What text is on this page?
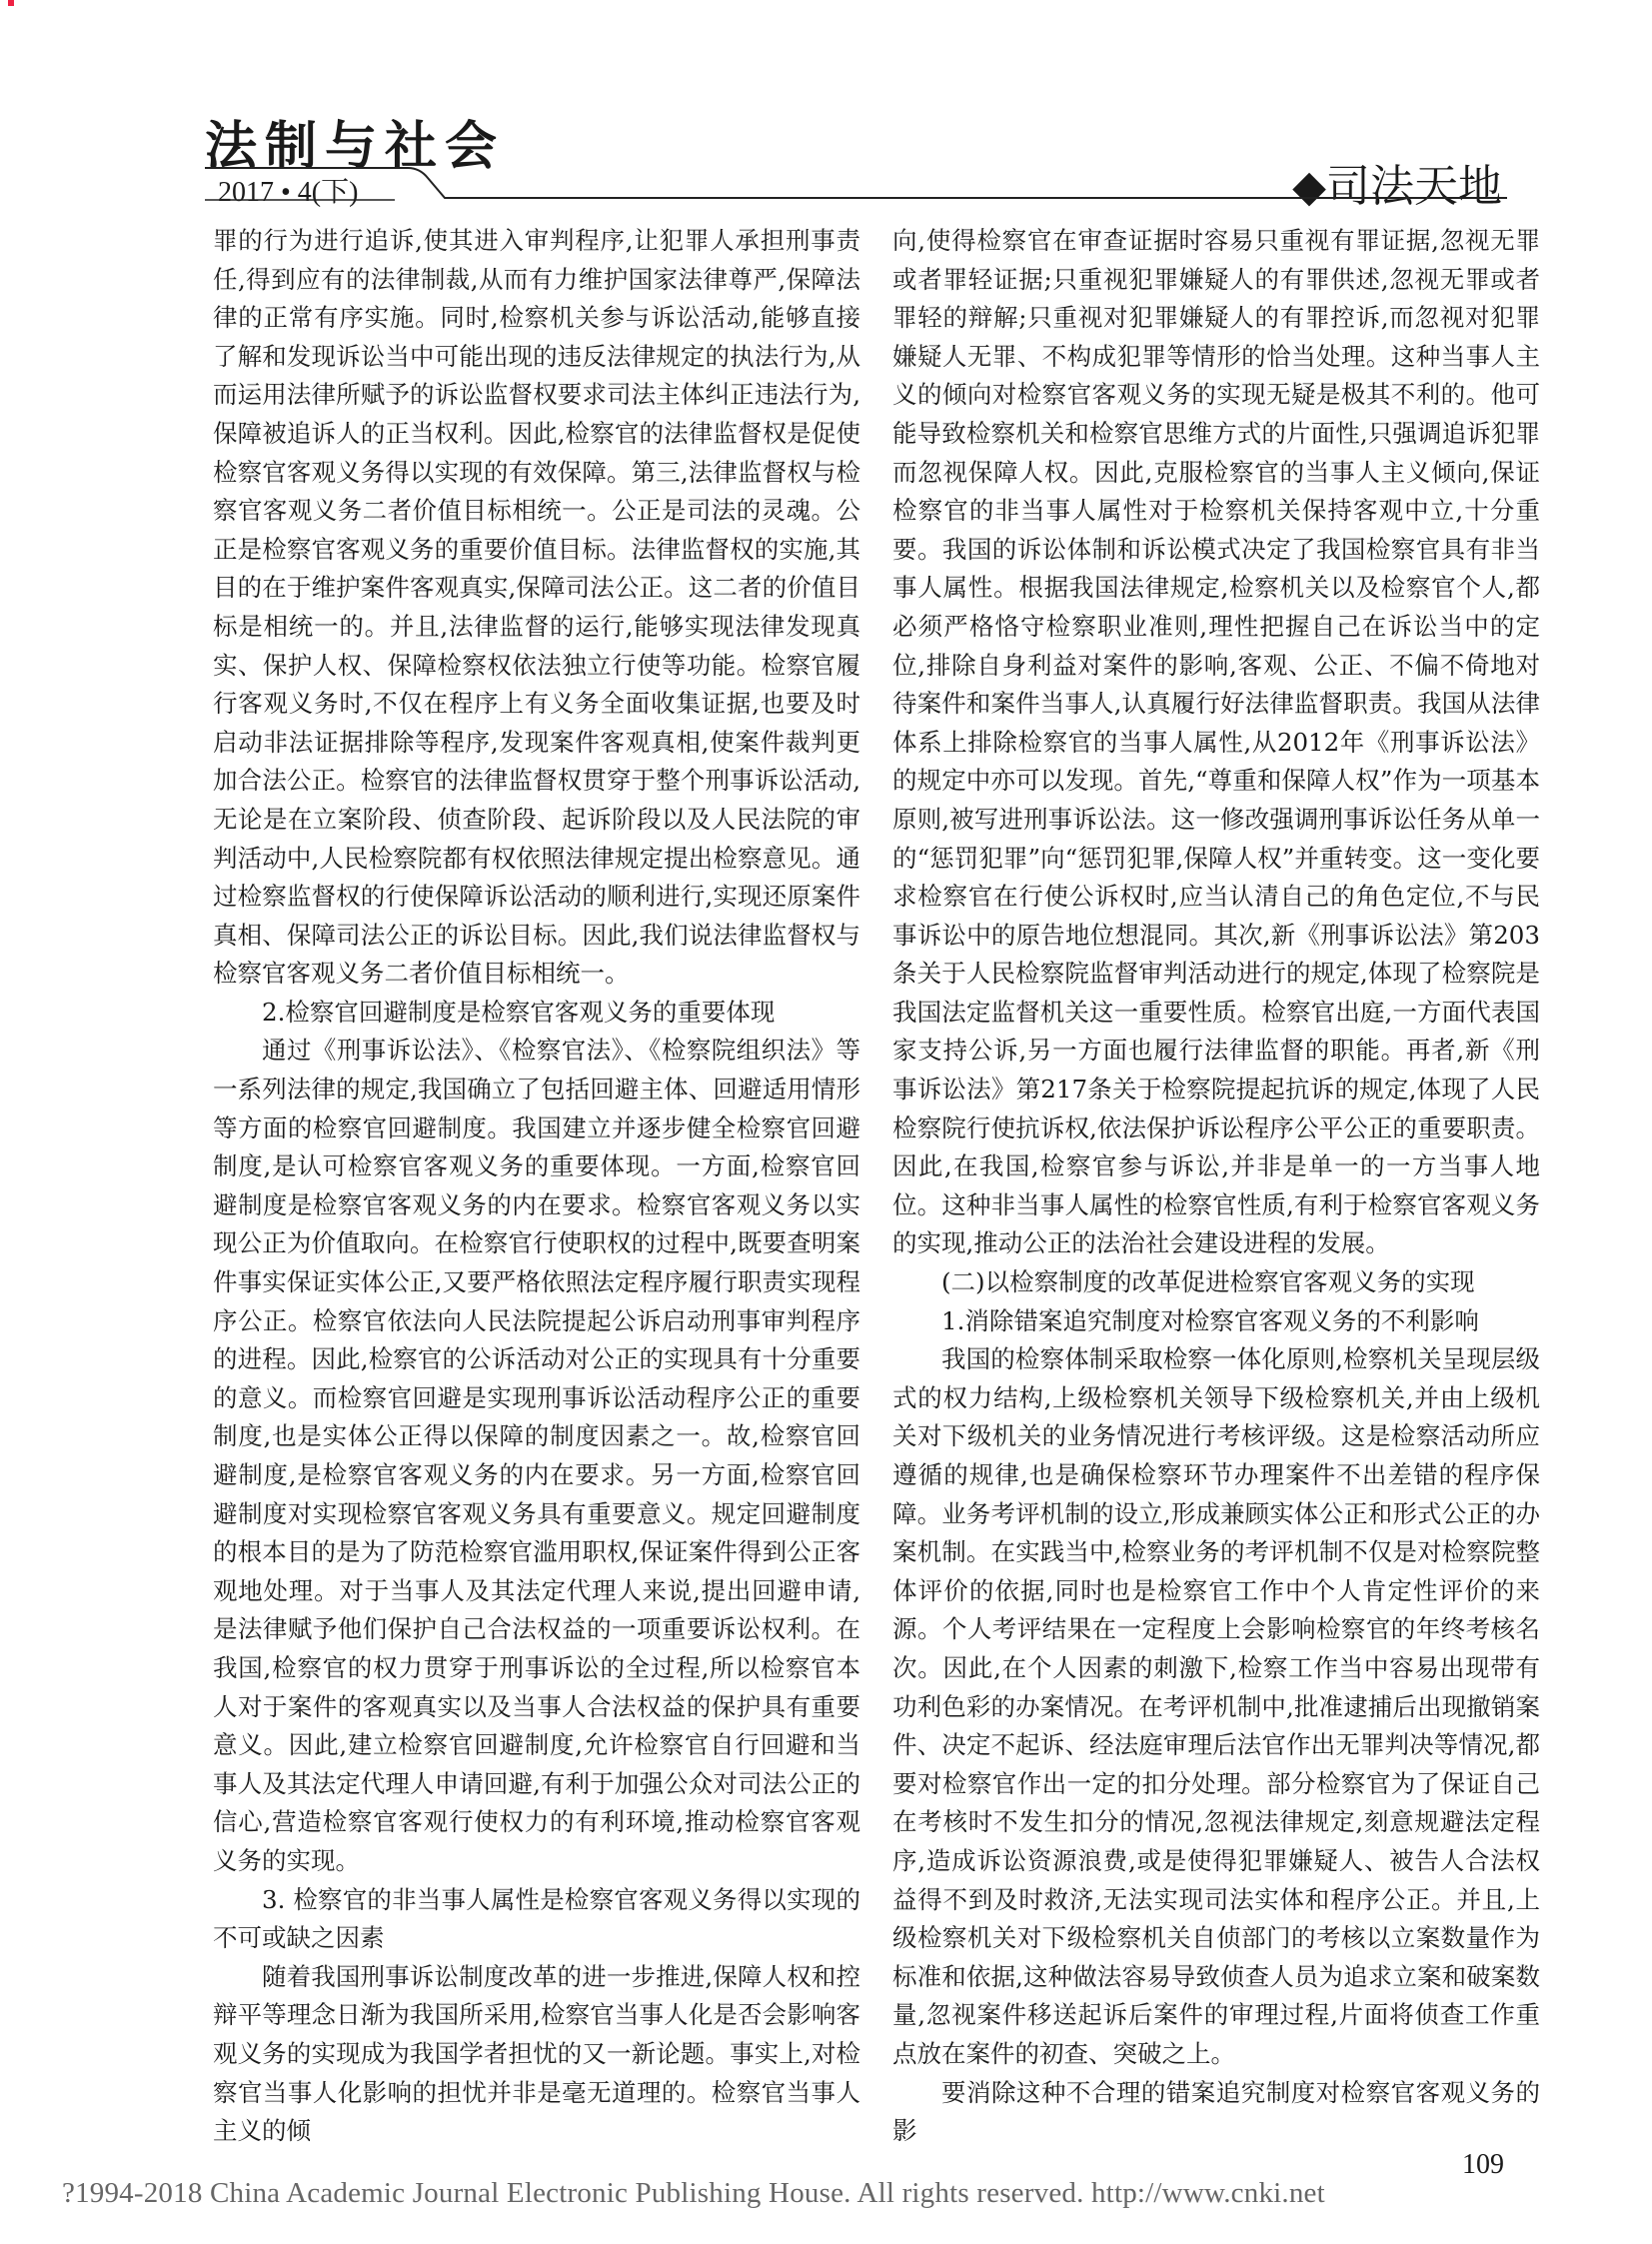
法制与社会
2017 • 4(下)	◆司法天地

罪的行为进行追诉,使其进入审判程序,让犯罪人承担刑事责任,得到应有的法律制裁,从而有力维护国家法律尊严,保障法律的正常有序实施。同时,检察机关参与诉讼活动,能够直接了解和发现诉讼当中可能出现的违反法律规定的执法行为,从而运用法律所赋予的诉讼监督权要求司法主体纠正违法行为,保障被追诉人的正当权利。因此,检察官的法律监督权是促使检察官客观义务得以实现的有效保障。第三,法律监督权与检察官客观义务二者价值目标相统一。公正是司法的灵魂。公正是检察官客观义务的重要价值目标。法律监督权的实施,其目的在于维护案件客观真实,保障司法公正。这二者的价值目标是相统一的。并且,法律监督的运行,能够实现法律发现真实、保护人权、保障检察权依法独立行使等功能。检察官履行客观义务时,不仅在程序上有义务全面收集证据,也要及时启动非法证据排除等程序,发现案件客观真相,使案件裁判更加合法公正。检察官的法律监督权贯穿于整个刑事诉讼活动,无论是在立案阶段、侦查阶段、起诉阶段以及人民法院的审判活动中,人民检察院都有权依照法律规定提出检察意见。通过检察监督权的行使保障诉讼活动的顺利进行,实现还原案件真相、保障司法公正的诉讼目标。因此,我们说法律监督权与检察官客观义务二者价值目标相统一。

2.检察官回避制度是检察官客观义务的重要体现

通过《刑事诉讼法》、《检察官法》、《检察院组织法》等一系列法律的规定,我国确立了包括回避主体、回避适用情形等方面的检察官回避制度。我国建立并逐步健全检察官回避制度,是认可检察官客观义务的重要体现。一方面,检察官回避制度是检察官客观义务的内在要求。检察官客观义务以实现公正为价值取向。在检察官行使职权的过程中,既要查明案件事实保证实体公正,又要严格依照法定程序履行职责实现程序公正。检察官依法向人民法院提起公诉启动刑事审判程序的进程。因此,检察官的公诉活动对公正的实现具有十分重要的意义。而检察官回避是实现刑事诉讼活动程序公正的重要制度,也是实体公正得以保障的制度因素之一。故,检察官回避制度,是检察官客观义务的内在要求。另一方面,检察官回避制度对实现检察官客观义务具有重要意义。规定回避制度的根本目的是为了防范检察官滥用职权,保证案件得到公正客观地处理。对于当事人及其法定代理人来说,提出回避申请,是法律赋予他们保护自己合法权益的一项重要诉讼权利。在我国,检察官的权力贯穿于刑事诉讼的全过程,所以检察官本人对于案件的客观真实以及当事人合法权益的保护具有重要意义。因此,建立检察官回避制度,允许检察官自行回避和当事人及其法定代理人申请回避,有利于加强公众对司法公正的信心,营造检察官客观行使权力的有利环境,推动检察官客观义务的实现。

3. 检察官的非当事人属性是检察官客观义务得以实现的不可或缺之因素

随着我国刑事诉讼制度改革的进一步推进,保障人权和控辩平等理念日渐为我国所采用,检察官当事人化是否会影响客观义务的实现成为我国学者担忧的又一新论题。事实上,对检察官当事人化影响的担忧并非是毫无道理的。检察官当事人主义的倾

向,使得检察官在审查证据时容易只重视有罪证据,忽视无罪或者罪轻证据;只重视犯罪嫌疑人的有罪供述,忽视无罪或者罪轻的辩解;只重视对犯罪嫌疑人的有罪控诉,而忽视对犯罪嫌疑人无罪、不构成犯罪等情形的恰当处理。这种当事人主义的倾向对检察官客观义务的实现无疑是极其不利的。他可能导致检察机关和检察官思维方式的片面性,只强调追诉犯罪而忽视保障人权。因此,克服检察官的当事人主义倾向,保证检察官的非当事人属性对于检察机关保持客观中立,十分重要。我国的诉讼体制和诉讼模式决定了我国检察官具有非当事人属性。根据我国法律规定,检察机关以及检察官个人,都必须严格恪守检察职业准则,理性把握自己在诉讼当中的定位,排除自身利益对案件的影响,客观、公正、不偏不倚地对待案件和案件当事人,认真履行好法律监督职责。我国从法律体系上排除检察官的当事人属性,从2012年《刑事诉讼法》的规定中亦可以发现。首先,“尊重和保障人权”作为一项基本原则,被写进刑事诉讼法。这一修改强调刑事诉讼任务从单一的“惩罚犯罪”向“惩罚犯罪,保障人权”并重转变。这一变化要求检察官在行使公诉权时,应当认清自己的角色定位,不与民事诉讼中的原告地位想混同。其次,新《刑事诉讼法》第203条关于人民检察院监督审判活动进行的规定,体现了检察院是我国法定监督机关这一重要性质。检察官出庭,一方面代表国家支持公诉,另一方面也履行法律监督的职能。再者,新《刑事诉讼法》第217条关于检察院提起抗诉的规定,体现了人民检察院行使抗诉权,依法保护诉讼程序公平公正的重要职责。因此,在我国,检察官参与诉讼,并非是单一的一方当事人地位。这种非当事人属性的检察官性质,有利于检察官客观义务的实现,推动公正的法治社会建设进程的发展。

(二)以检察制度的改革促进检察官客观义务的实现

1.消除错案追究制度对检察官客观义务的不利影响

我国的检察体制采取检察一体化原则,检察机关呈现层级式的权力结构,上级检察机关领导下级检察机关,并由上级机关对下级机关的业务情况进行考核评级。这是检察活动所应遵循的规律,也是确保检察环节办理案件不出差错的程序保障。业务考评机制的设立,形成兼顾实体公正和形式公正的办案机制。在实践当中,检察业务的考评机制不仅是对检察院整体评价的依据,同时也是检察官工作中个人肯定性评价的来源。个人考评结果在一定程度上会影响检察官的年终考核名次。因此,在个人因素的刺激下,检察工作当中容易出现带有功利色彩的办案情况。在考评机制中,批准逮捕后出现撤销案件、决定不起诉、经法庭审理后法官作出无罪判决等情况,都要对检察官作出一定的扣分处理。部分检察官为了保证自己在考核时不发生扣分的情况,忽视法律规定,刻意规避法定程序,造成诉讼资源浪费,或是使得犯罪嫌疑人、被告人合法权益得不到及时救济,无法实现司法实体和程序公正。并且,上级检察机关对下级检察机关自侦部门的考核以立案数量作为标准和依据,这种做法容易导致侦查人员为追求立案和破案数量,忽视案件移送起诉后案件的审理过程,片面将侦查工作重点放在案件的初查、突破之上。

要消除这种不合理的错案追究制度对检察官客观义务的影

109
?1994-2018 China Academic Journal Electronic Publishing House. All rights reserved. http://www.cnki.net
